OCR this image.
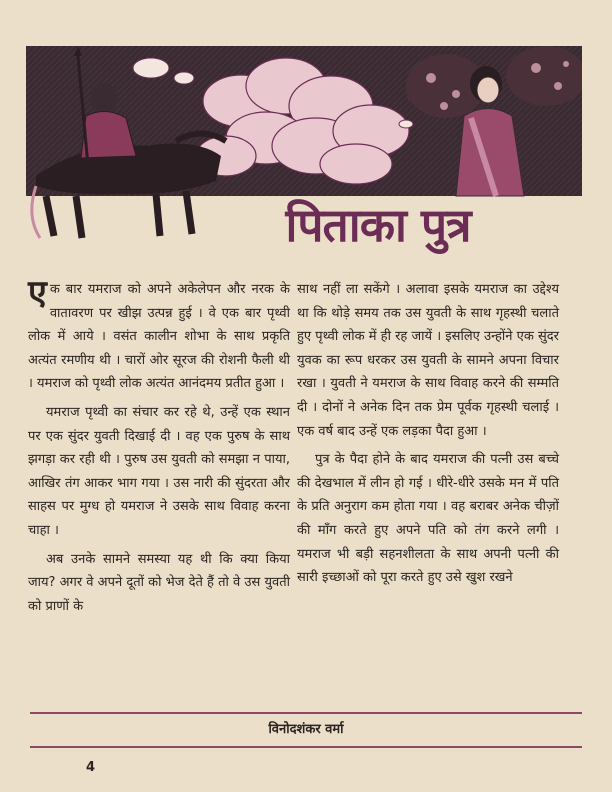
पिताका पुत्र

एक बार यमराज को अपने अकेलेपन और नरक के वातावरण पर खीझ उत्पन्न हुई । वे एक बार पृथ्वी लोक में आये । वसंत कालीन शोभा के साथ प्रकृति अत्यंत रमणीय थी । चारों ओर सूरज की रोशनी फैली थी । यमराज को पृथ्वी लोक अत्यंत आनंदमय प्रतीत हुआ ।

यमराज पृथ्वी का संचार कर रहे थे, उन्हें एक स्थान पर एक सुंदर युवती दिखाई दी । वह एक पुरुष के साथ झगड़ा कर रही थी । पुरुष उस युवती को समझा न पाया, आखिर तंग आकर भाग गया । उस नारी की सुंदरता और साहस पर मुग्ध हो यमराज ने उसके साथ विवाह करना चाहा ।

अब उनके सामने समस्या यह थी कि क्या किया जाय? अगर वे अपने दूतों को भेज देते हैं तो वे उस युवती को प्राणों के

साथ नहीं ला सकेंगे । अलावा इसके यमराज का उद्देश्य था कि थोड़े समय तक उस युवती के साथ गृहस्थी चलाते हुए पृथ्वी लोक में ही रह जायें । इसलिए उन्होंने एक सुंदर युवक का रूप धरकर उस युवती के सामने अपना विचार रखा । युवती ने यमराज के साथ विवाह करने की सम्मति दी । दोनों ने अनेक दिन तक प्रेम पूर्वक गृहस्थी चलाई । एक वर्ष बाद उन्हें एक लड़का पैदा हुआ ।

पुत्र के पैदा होने के बाद यमराज की पत्नी उस बच्चे की देखभाल में लीन हो गई । धीरे-धीरे उसके मन में पति के प्रति अनुराग कम होता गया । वह बराबर अनेक चीज़ों की माँग करते हुए अपने पति को तंग करने लगी । यमराज भी बड़ी सहनशीलता के साथ अपनी पत्नी की सारी इच्छाओं को पूरा करते हुए उसे खुश रखने

विनोदशंकर वर्मा
4
